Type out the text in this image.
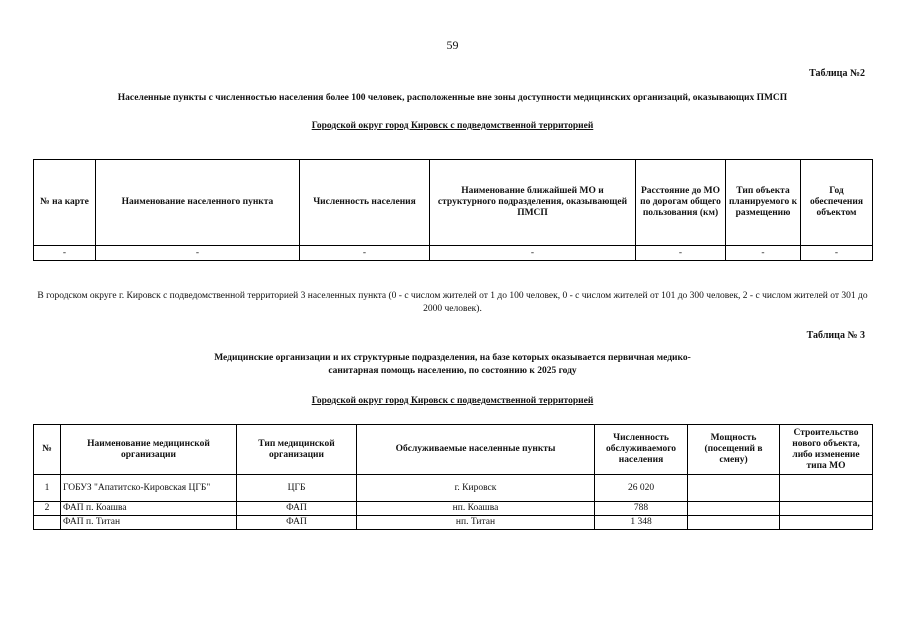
59
Таблица №2
Населенные пункты с численностью населения более 100 человек, расположенные вне зоны доступности медицинских организаций, оказывающих ПМСП
Городской округ город Кировск с подведомственной территорией
№ на карте	Наименование населенного пункта	Численность населения	Наименование ближайшей МО и структурного подразделения, оказывающей ПМСП	Расстояние до МО по дорогам общего пользования (км)	Тип объекта планируемого к размещению	Год обеспечения объектом
-	-	-	-	-	-	-
В городском округе г. Кировск с подведомственной территорией 3 населенных пункта (0 - с числом жителей от 1 до 100 человек, 0 - с числом жителей от 101 до 300 человек, 2 - с числом жителей от 301 до 2000 человек).
Таблица № 3
Медицинские организации и их структурные подразделения, на базе которых оказывается первичная медико-
санитарная помощь населению, по состоянию к 2025 году
Городской округ город Кировск с подведомственной территорией
№	Наименование медицинской организации	Тип медицинской организации	Обслуживаемые населенные пункты	Численность обслуживаемого населения	Мощность (посещений в смену)	Строительство нового объекта, либо изменение типа МО
1	ГОБУЗ "Апатитско-Кировская ЦГБ"	ЦГБ	г. Кировск	26 020		
2	ФАП п. Коашва	ФАП	нп. Коашва	788		
	ФАП п. Титан	ФАП	нп. Титан	1 348		
